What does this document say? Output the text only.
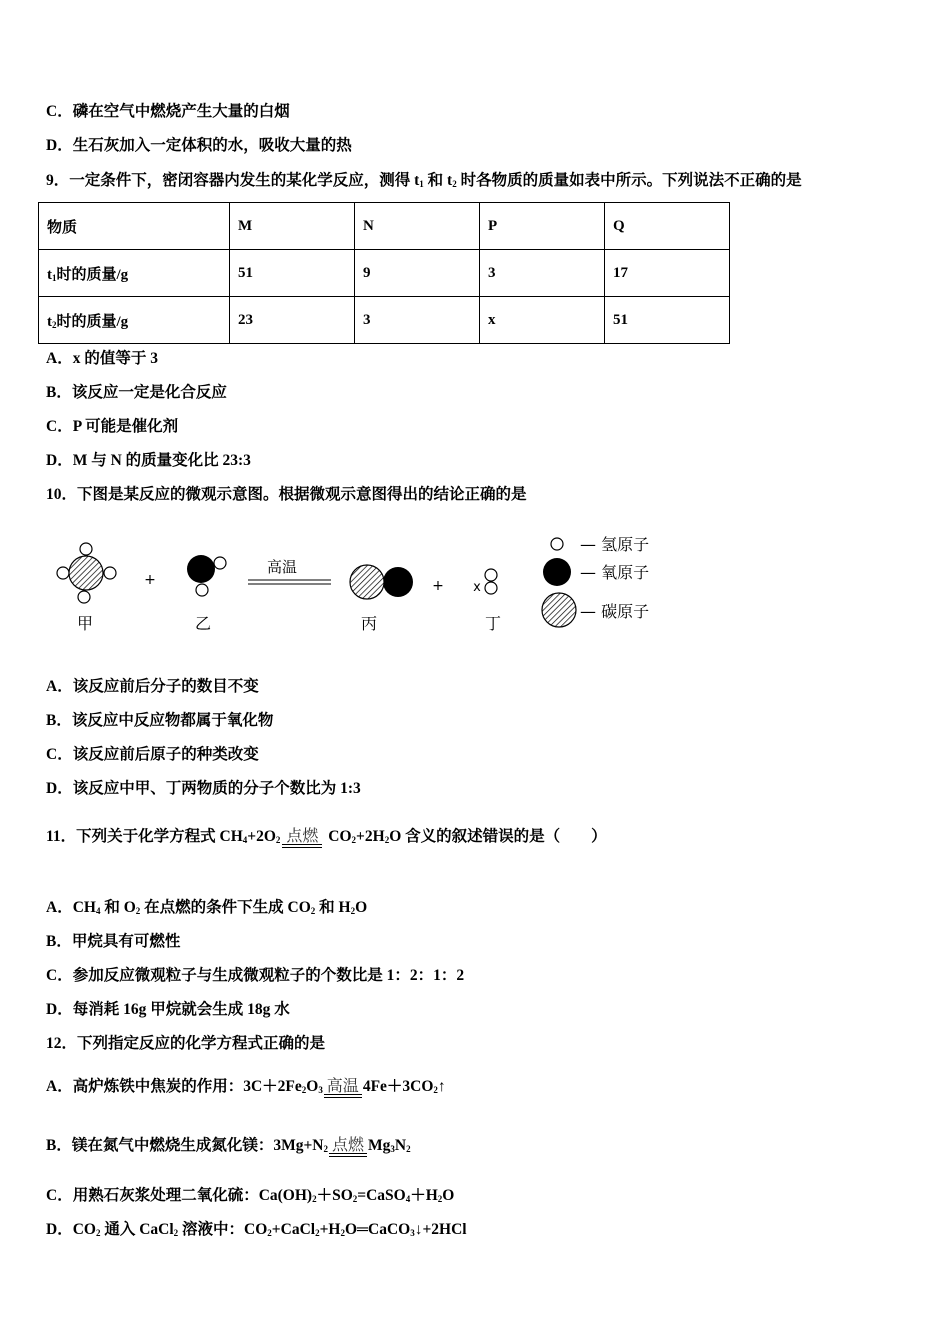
C．磷在空气中燃烧产生大量的白烟
D．生石灰加入一定体积的水，吸收大量的热
9．一定条件下，密闭容器内发生的某化学反应，测得 $t_1$ 和 $t_2$ 时各物质的质量如表中所示。下列说法不正确的是
物质	M	N	P	Q
$t_1$时的质量/g	51	9	3	17
$t_2$时的质量/g	23	3	x	51
A．x 的值等于 3
B．该反应一定是化合反应
C．P 可能是催化剂
D．M 与 N 的质量变化比 23:3
10．下图是某反应的微观示意图。根据微观示意图得出的结论正确的是
甲
+
乙
高温
丙
+ x
丁
— 氢原子
— 氧原子
— 碳原子
A．该反应前后分子的数目不变
B．该反应中反应物都属于氧化物
C．该反应前后原子的种类改变
D．该反应中甲、丁两物质的分子个数比为 1:3
11．下列关于化学方程式 $CH_4+2O_2$ 点燃 $CO_2+2H_2O$ 含义的叙述错误的是（　　）
A．$CH_4$ 和 $O_2$ 在点燃的条件下生成 $CO_2$ 和 $H_2O$
B．甲烷具有可燃性
C．参加反应微观粒子与生成微观粒子的个数比是 1：2：1：2
D．每消耗 16g 甲烷就会生成 18g 水
12．下列指定反应的化学方程式正确的是
A．高炉炼铁中焦炭的作用：$3C+2Fe_2O_3$ 高温 $4Fe+3CO_2↑$
B．镁在氮气中燃烧生成氮化镁：$3Mg+N_2$ 点燃 $Mg_3N_2$
C．用熟石灰浆处理二氧化硫：$Ca(OH)_2+SO_2=CaSO_4+H_2O$
D．$CO_2$ 通入 CaCl$_2$ 溶液中：$CO_2+CaCl_2+H_2O═CaCO_3↓+2HCl$
